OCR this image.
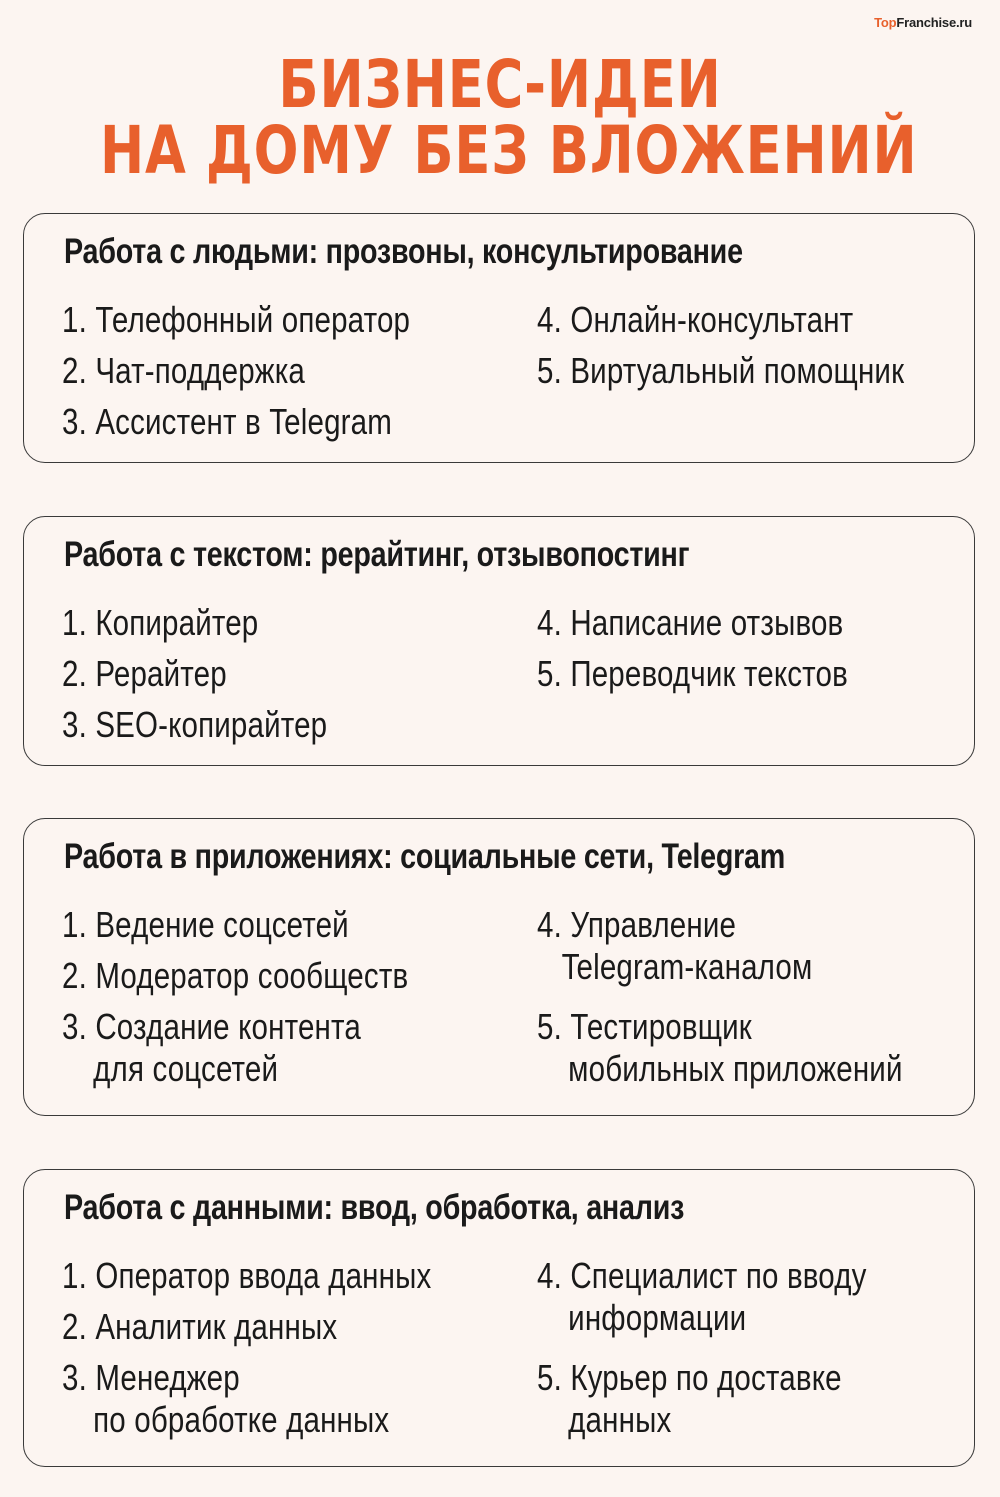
TopFranchise.ru
БИЗНЕС-ИДЕИ
НА ДОМУ БЕЗ ВЛОЖЕНИЙ
Работа с людьми: прозвоны, консультирование
1. Телефонный оператор
2. Чат-поддержка
3. Ассистент в Telegram
4. Онлайн-консультант
5. Виртуальный помощник
Работа с текстом: рерайтинг, отзывопостинг
1. Копирайтер
2. Рерайтер
3. SEO-копирайтер
4. Написание отзывов
5. Переводчик текстов
Работа в приложениях: социальные сети, Telegram
1. Ведение соцсетей
2. Модератор сообществ
3. Создание контента
для соцсетей
4. Управление
Telegram-каналом
5. Тестировщик
мобильных приложений
Работа с данными: ввод, обработка, анализ
1. Оператор ввода данных
2. Аналитик данных
3. Менеджер
по обработке данных
4. Специалист по вводу
информации
5. Курьер по доставке
данных
